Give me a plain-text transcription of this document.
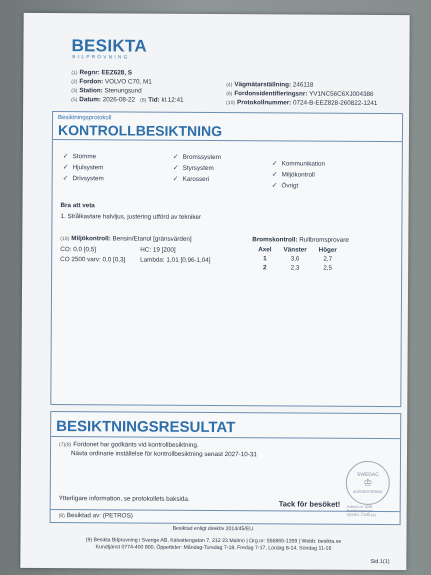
BESIKTA
BILPROVNING
(1) Regnr: EEZ628, S
(2) Fordon: VOLVO C70, M1
(3) Station: Stenungsund
(5) Datum: 2026-08-22 (8) Tid: kl.12:41
(4) Vägmätarställning: 246118
(6) Fordonsidentifieringsnr: YV1NC56C6XJ004386
(10) Protokollnummer: 0724-B-EEZ828-260822-1241
Besiktningsprotokoll
KONTROLLBESIKTNING
✓ Stomme
✓ Hjulsystem
✓ Drivsystem
✓ Bromssystem
✓ Styrsystem
✓ Karosseri
✓ Kommunikation
✓ Miljökontroll
✓ Övrigt
Bra att veta
1. Strålkastare halvljus, justering utförd av tekniker
(10) Miljökontroll: Bensin/Etanol [gränsvärden]
CO: 0,0 [0,5]	HC: 19 [200]
CO 2500 varv: 0,0 [0,3] Lambda: 1,01 [0,96-1,04]
Bromskontroll: Rullbromsprovare
Axel	Vänster	Höger
1	3,6	2,7
2	2,3	2,5
BESIKTNINGSRESULTAT
(7)(8) Fordonet har godkänts vid kontrollbesiktning.
Nästa ordinarie inställelse för kontrollbesiktning senast 2027-10-31
Ytterligare information, se protokollets baksida.
Tack för besöket!
(8) Besiktad av: (PETROS)
SWEDAC
♔
ACKREDITERING
Ackred. nr. 1036
Besiktningsorgan
ISO/IEC 17020 (A)
Besiktad enligt direktiv 2014/45/EU.
(9) Besikta Bilprovning i Sverige AB, Kälvattengatan 7, 212 23 Malmö | Org.nr: 556865-1359 | Webb: besikta.se
Kundtjänst 0774-400 800, Öppettider: Måndag-Torsdag 7-18, Fredag 7-17, Lördag 8-14, Söndag 11-16
Sid.1(1)
